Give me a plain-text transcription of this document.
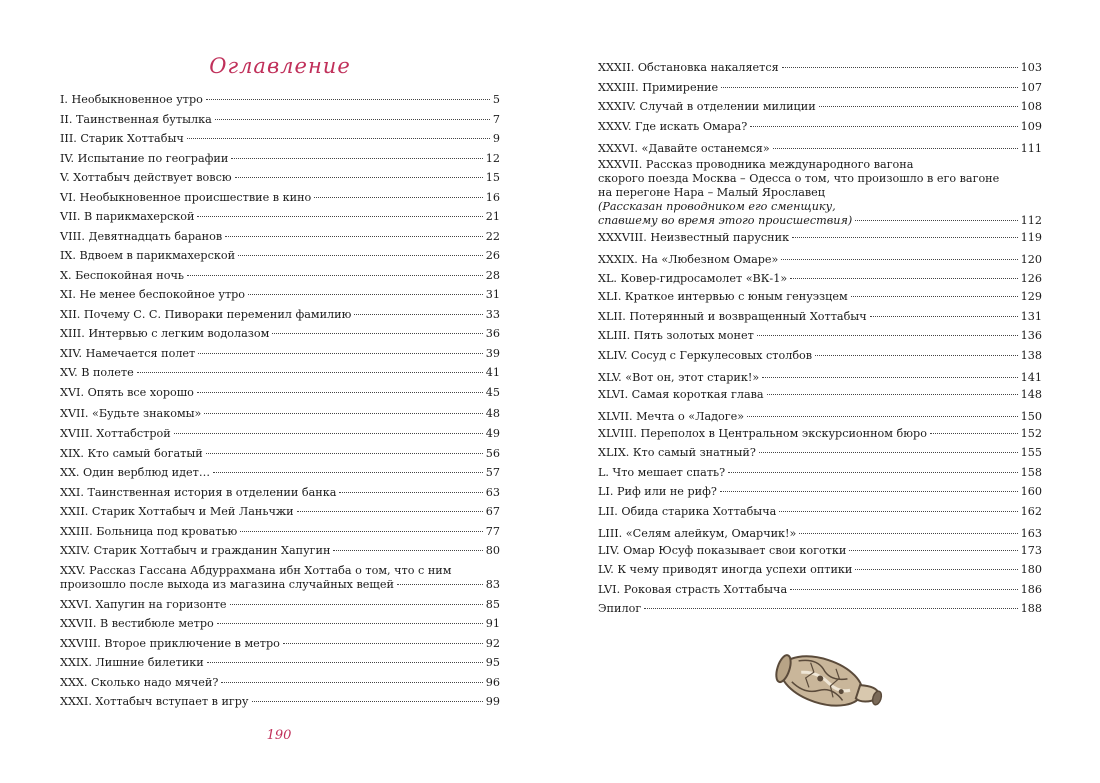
Оглавление
I. Необыкновенное утро	5
II. Таинственная бутылка	7
III. Старик Хоттабыч	9
IV. Испытание по географии	12
V. Хоттабыч действует вовсю	15
VI. Необыкновенное происшествие в кино	16
VII. В парикмахерской	21
VIII. Девятнадцать баранов	22
IX. Вдвоем в парикмахерской	26
X. Беспокойная ночь	28
XI. Не менее беспокойное утро	31
XII. Почему С. С. Пивораки переменил фамилию	33
XIII. Интервью с легким водолазом	36
XIV. Намечается полет	39
XV. В полете	41
XVI. Опять все хорошо	45
XVII. «Будьте знакомы»	48
XVIII. Хоттабстрой	49
XIX. Кто самый богатый	56
XX. Один верблюд идет…	57
XXI. Таинственная история в отделении банка	63
XXII. Старик Хоттабыч и Мей Ланьчжи	67
XXIII. Больница под кроватью	77
XXIV. Старик Хоттабыч и гражданин Хапугин	80
XXV. Рассказ Гассана Абдуррахмана ибн Хоттаба о том, что с ним
произошло после выхода из магазина случайных вещей	83
XXVI. Хапугин на горизонте	85
XXVII. В вестибюле метро	91
XXVIII. Второе приключение в метро	92
XXIX. Лишние билетики	95
XXX. Сколько надо мячей?	96
XXXI. Хоттабыч вступает в игру	99
190
XXXII. Обстановка накаляется	103
XXXIII. Примирение	107
XXXIV. Случай в отделении милиции	108
XXXV. Где искать Омара?	109
XXXVI. «Давайте останемся»	111
XXXVII. Рассказ проводника международного вагона
скорого поезда Москва – Одесса о том, что произошло в его вагоне
на перегоне Нара – Малый Ярославец
(Рассказан проводником его сменщику,
спавшему во время этого происшествия)	112
XXXVIII. Неизвестный парусник	119
XXXIX. На «Любезном Омаре»	120
XL. Ковер-гидросамолет «ВК-1»	126
XLI. Краткое интервью с юным генуэзцем	129
XLII. Потерянный и возвращенный Хоттабыч	131
XLIII. Пять золотых монет	136
XLIV. Сосуд с Геркулесовых столбов	138
XLV. «Вот он, этот старик!»	141
XLVI. Самая короткая глава	148
XLVII. Мечта о «Ладоге»	150
XLVIII. Переполох в Центральном экскурсионном бюро	152
XLIX. Кто самый знатный?	155
L. Что мешает спать?	158
LI. Риф или не риф?	160
LII. Обида старика Хоттабыча	162
LIII. «Селям алейкум, Омарчик!»	163
LIV. Омар Юсуф показывает свои коготки	173
LV. К чему приводят иногда успехи оптики	180
LVI. Роковая страсть Хоттабыча	186
Эпилог	188
